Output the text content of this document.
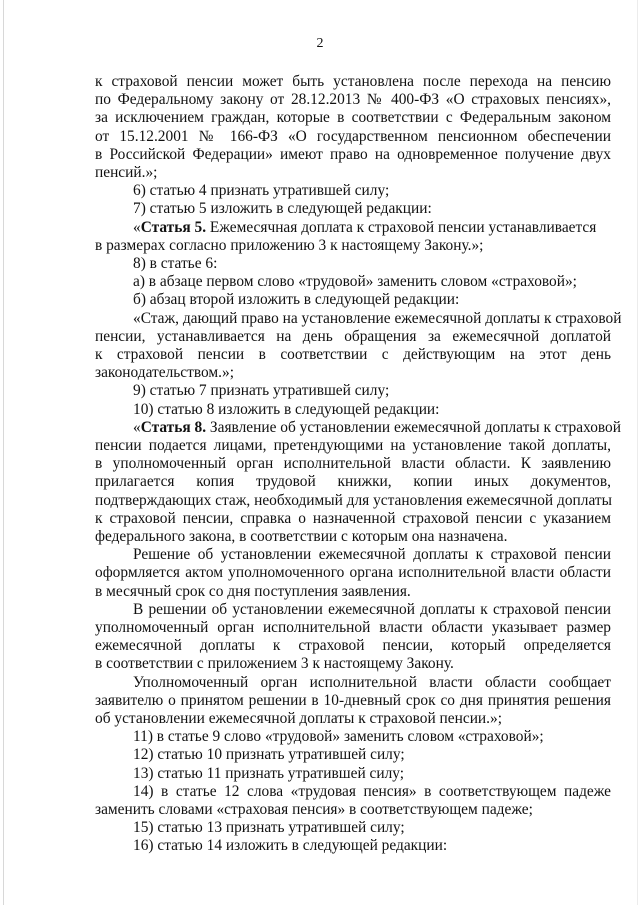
2
к страховой пенсии может быть установлена после перехода на пенсию
по Федеральному закону от 28.12.2013 № 400-ФЗ «О страховых пенсиях»,
за исключением граждан, которые в соответствии с Федеральным законом
от 15.12.2001 № 166-ФЗ «О государственном пенсионном обеспечении
в Российской Федерации» имеют право на одновременное получение двух
пенсий.»;
6) статью 4 признать утратившей силу;
7) статью 5 изложить в следующей редакции:
«Статья 5. Ежемесячная доплата к страховой пенсии устанавливается
в размерах согласно приложению 3 к настоящему Закону.»;
8) в статье 6:
а) в абзаце первом слово «трудовой» заменить словом «страховой»;
б) абзац второй изложить в следующей редакции:
«Стаж, дающий право на установление ежемесячной доплаты к страховой
пенсии, устанавливается на день обращения за ежемесячной доплатой
к страховой пенсии в соответствии с действующим на этот день
законодательством.»;
9) статью 7 признать утратившей силу;
10) статью 8 изложить в следующей редакции:
«Статья 8. Заявление об установлении ежемесячной доплаты к страховой
пенсии подается лицами, претендующими на установление такой доплаты,
в уполномоченный орган исполнительной власти области. К заявлению
прилагается копия трудовой книжки, копии иных документов,
подтверждающих стаж, необходимый для установления ежемесячной доплаты
к страховой пенсии, справка о назначенной страховой пенсии с указанием
федерального закона, в соответствии с которым она назначена.
Решение об установлении ежемесячной доплаты к страховой пенсии
оформляется актом уполномоченного органа исполнительной власти области
в месячный срок со дня поступления заявления.
В решении об установлении ежемесячной доплаты к страховой пенсии
уполномоченный орган исполнительной власти области указывает размер
ежемесячной доплаты к страховой пенсии, который определяется
в соответствии с приложением 3 к настоящему Закону.
Уполномоченный орган исполнительной власти области сообщает
заявителю о принятом решении в 10-дневный срок со дня принятия решения
об установлении ежемесячной доплаты к страховой пенсии.»;
11) в статье 9 слово «трудовой» заменить словом «страховой»;
12) статью 10 признать утратившей силу;
13) статью 11 признать утратившей силу;
14) в статье 12 слова «трудовая пенсия» в соответствующем падеже
заменить словами «страховая пенсия» в соответствующем падеже;
15) статью 13 признать утратившей силу;
16) статью 14 изложить в следующей редакции:
